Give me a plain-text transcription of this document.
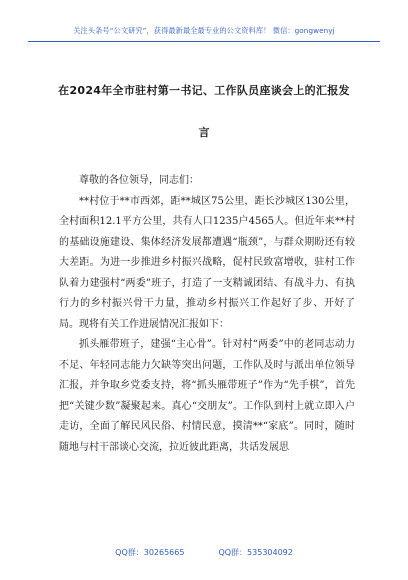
关注头条号“公文研究”，获得最新最全最专业的公文资料库！ 微信：gongwenyj
在2024年全市驻村第一书记、工作队员座谈会上的汇报发
言

尊敬的各位领导，同志们：

**村位于**市西郊，距**城区75公里，距长沙城区130公里，全村面积12.1平方公里，共有人口1235户4565人。但近年来**村的基础设施建设、集体经济发展都遭遇“瓶颈”，与群众期盼还有较大差距。为进一步推进乡村振兴战略，促村民致富增收，驻村工作队着力建强村“两委”班子，打造了一支精诚团结、有战斗力、有执行力的乡村振兴骨干力量，推动乡村振兴工作起好了步、开好了局。现将有关工作进展情况汇报如下：

抓头雁带班子，建强“主心骨”。针对村“两委”中的老同志动力不足、年轻同志能力欠缺等突出问题，工作队及时与派出单位领导汇报，并争取乡党委支持，将“抓头雁带班子”作为“先手棋”，首先把“关键少数”凝聚起来。真心“交朋友”。工作队到村上就立即入户走访，全面了解民风民俗、村情民意，摸清**“家底”。同时，随时随地与村干部谈心交流，拉近彼此距离，共话发展思

QQ群：30265665	QQ群：535304092
